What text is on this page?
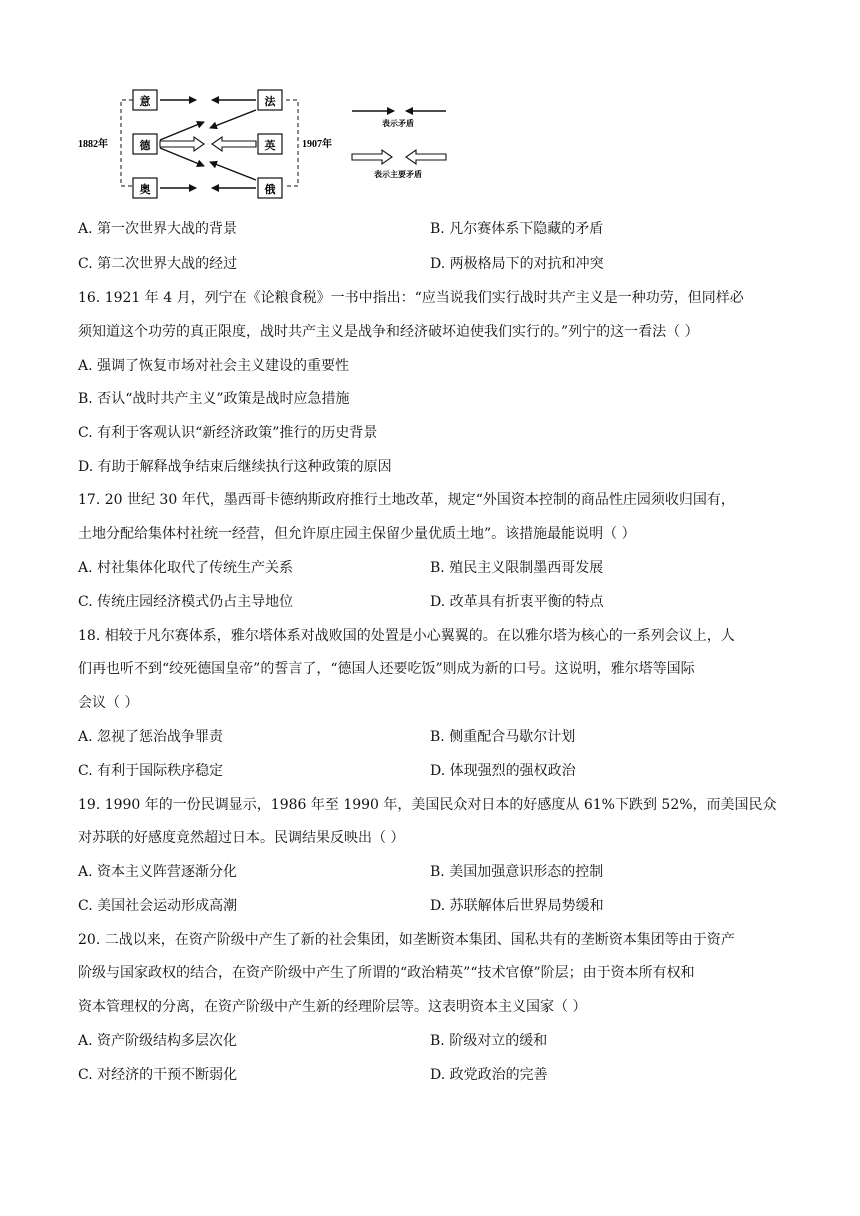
意
德
奥
法
英
俄
1882年	1907年
表示矛盾
表示主要矛盾
A. 第一次世界大战的背景	B. 凡尔赛体系下隐藏的矛盾
C. 第二次世界大战的经过	D. 两极格局下的对抗和冲突
16. 1921 年 4 月，列宁在《论粮食税》一书中指出：“应当说我们实行战时共产主义是一种功劳，但同样必
须知道这个功劳的真正限度，战时共产主义是战争和经济破坏迫使我们实行的。”列宁的这一看法（ ）
A. 强调了恢复市场对社会主义建设的重要性
B. 否认“战时共产主义”政策是战时应急措施
C. 有利于客观认识“新经济政策”推行的历史背景
D. 有助于解释战争结束后继续执行这种政策的原因
17. 20 世纪 30 年代，墨西哥卡德纳斯政府推行土地改革，规定“外国资本控制的商品性庄园须收归国有，
土地分配给集体村社统一经营，但允许原庄园主保留少量优质土地”。该措施最能说明（ ）
A. 村社集体化取代了传统生产关系	B. 殖民主义限制墨西哥发展
C. 传统庄园经济模式仍占主导地位	D. 改革具有折衷平衡的特点
18. 相较于凡尔赛体系，雅尔塔体系对战败国的处置是小心翼翼的。在以雅尔塔为核心的一系列会议上，人
们再也听不到“绞死德国皇帝”的誓言了，“德国人还要吃饭”则成为新的口号。这说明，雅尔塔等国际
会议（ ）
A. 忽视了惩治战争罪责	B. 侧重配合马歇尔计划
C. 有利于国际秩序稳定	D. 体现强烈的强权政治
19. 1990 年的一份民调显示，1986 年至 1990 年，美国民众对日本的好感度从 61%下跌到 52%，而美国民众
对苏联的好感度竟然超过日本。民调结果反映出（ ）
A. 资本主义阵营逐渐分化	B. 美国加强意识形态的控制
C. 美国社会运动形成高潮	D. 苏联解体后世界局势缓和
20. 二战以来，在资产阶级中产生了新的社会集团，如垄断资本集团、国私共有的垄断资本集团等由于资产
阶级与国家政权的结合，在资产阶级中产生了所谓的“政治精英”“技术官僚”阶层；由于资本所有权和
资本管理权的分离，在资产阶级中产生新的经理阶层等。这表明资本主义国家（ ）
A. 资产阶级结构多层次化	B. 阶级对立的缓和
C. 对经济的干预不断弱化	D. 政党政治的完善
